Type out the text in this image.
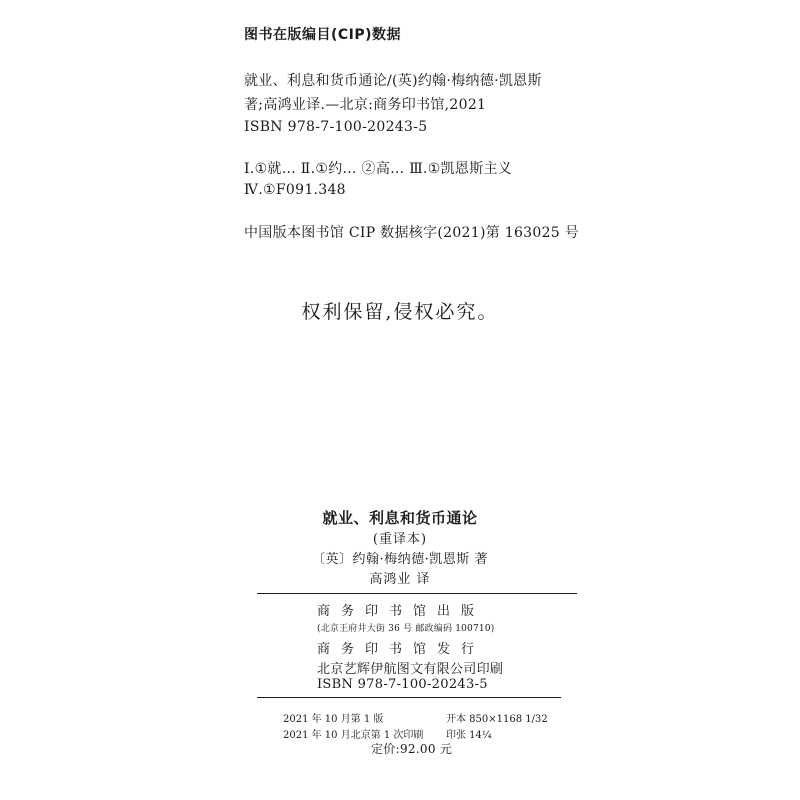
图书在版编目(CIP)数据
就业、利息和货币通论/(英)约翰·梅纳德·凯恩斯
著;高鸿业译.—北京:商务印书馆,2021
ISBN 978-7-100-20243-5
Ⅰ.①就… Ⅱ.①约… ②高… Ⅲ.①凯恩斯主义
Ⅳ.①F091.348
中国版本图书馆 CIP 数据核字(2021)第 163025 号
权利保留,侵权必究。
就业、利息和货币通论
(重译本)
〔英〕约翰·梅纳德·凯恩斯 著
高鸿业 译
商务印书馆出版
(北京王府井大街 36 号 邮政编码 100710)
商务印书馆发行
北京艺辉伊航图文有限公司印刷
ISBN 978-7-100-20243-5
2021 年 10 月第 1 版
2021 年 10 月北京第 1 次印刷
开本 850×1168 1/32
印张 14¼
定价:92.00 元
